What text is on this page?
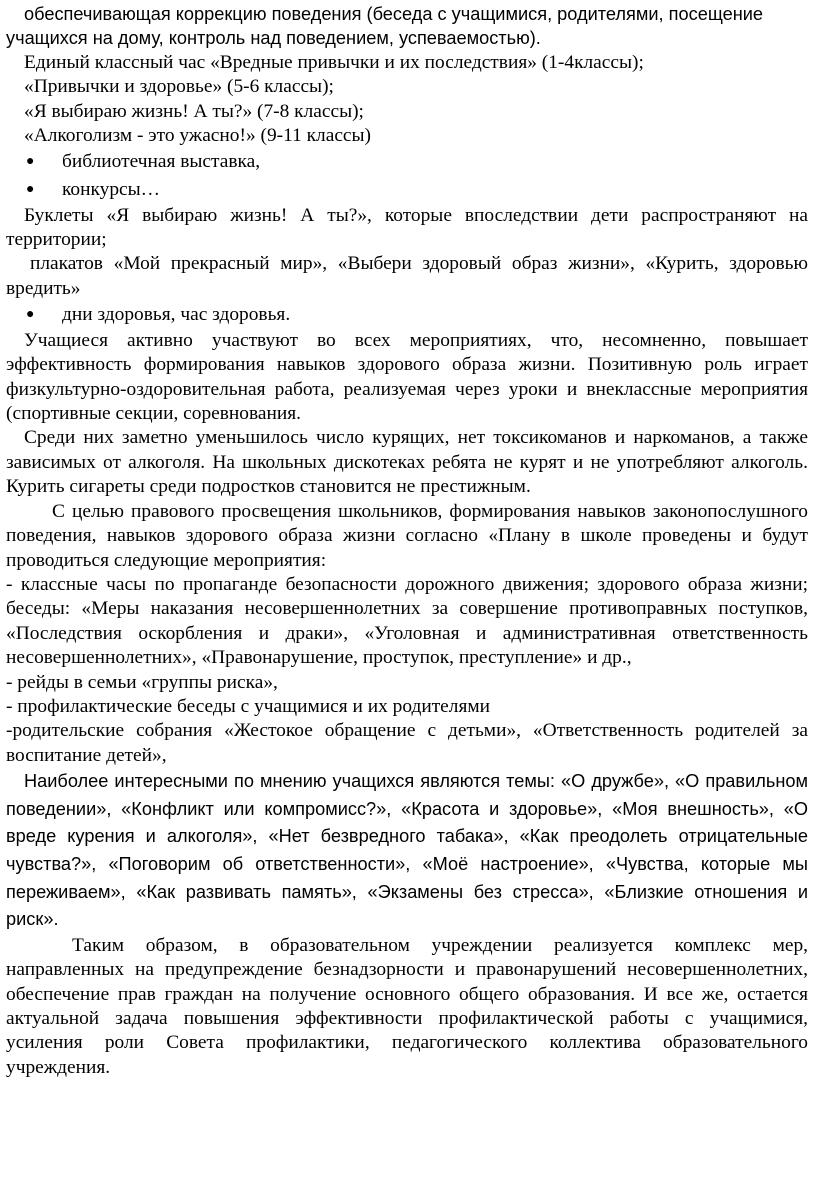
обеспечивающая коррекцию поведения (беседа с учащимися, родителями, посещение учащихся на дому, контроль над поведением, успеваемостью).

Единый классный час «Вредные привычки и их последствия» (1-4классы);

«Привычки и здоровье» (5-6 классы);

«Я выбираю жизнь! А ты?» (7-8 классы);

«Алкоголизм - это ужасно!» (9-11 классы)

● библиотечная выставка,

● конкурсы…

Буклеты «Я выбираю жизнь! А ты?», которые впоследствии дети распространяют на территории;

плакатов «Мой прекрасный мир», «Выбери здоровый образ жизни», «Курить, здоровью вредить»

● дни здоровья, час здоровья.

Учащиеся активно участвуют во всех мероприятиях, что, несомненно, повышает эффективность формирования навыков здорового образа жизни. Позитивную роль играет физкультурно-оздоровительная работа, реализуемая через уроки и внеклассные мероприятия (спортивные секции, соревнования.

Среди них заметно уменьшилось число курящих, нет токсикоманов и наркоманов, а также зависимых от алкоголя. На школьных дискотеках ребята не курят и не употребляют алкоголь. Курить сигареты среди подростков становится не престижным.

С целью правового просвещения школьников, формирования навыков законопослушного поведения, навыков здорового образа жизни согласно «Плану в школе проведены и будут проводиться следующие мероприятия:

- классные часы по пропаганде безопасности дорожного движения; здорового образа жизни; беседы: «Меры наказания несовершеннолетних за совершение противоправных поступков, «Последствия оскорбления и драки», «Уголовная и административная ответственность несовершеннолетних», «Правонарушение, проступок, преступление» и др.,

- рейды в семьи «группы риска»,

- профилактические беседы с учащимися и их родителями

-родительские собрания «Жестокое обращение с детьми», «Ответственность родителей за воспитание детей»,

Наиболее интересными по мнению учащихся являются темы: «О дружбе», «О правильном поведении», «Конфликт или компромисс?», «Красота и здоровье», «Моя внешность», «О вреде курения и алкоголя», «Нет безвредного табака», «Как преодолеть отрицательные чувства?», «Поговорим об ответственности», «Моё настроение», «Чувства, которые мы переживаем», «Как развивать память», «Экзамены без стресса», «Близкие отношения и риск».

Таким образом, в образовательном учреждении реализуется комплекс мер, направленных на предупреждение безнадзорности и правонарушений несовершеннолетних, обеспечение прав граждан на получение основного общего образования. И все же, остается актуальной задача повышения эффективности профилактической работы с учащимися, усиления роли Совета профилактики, педагогического коллектива образовательного учреждения.
